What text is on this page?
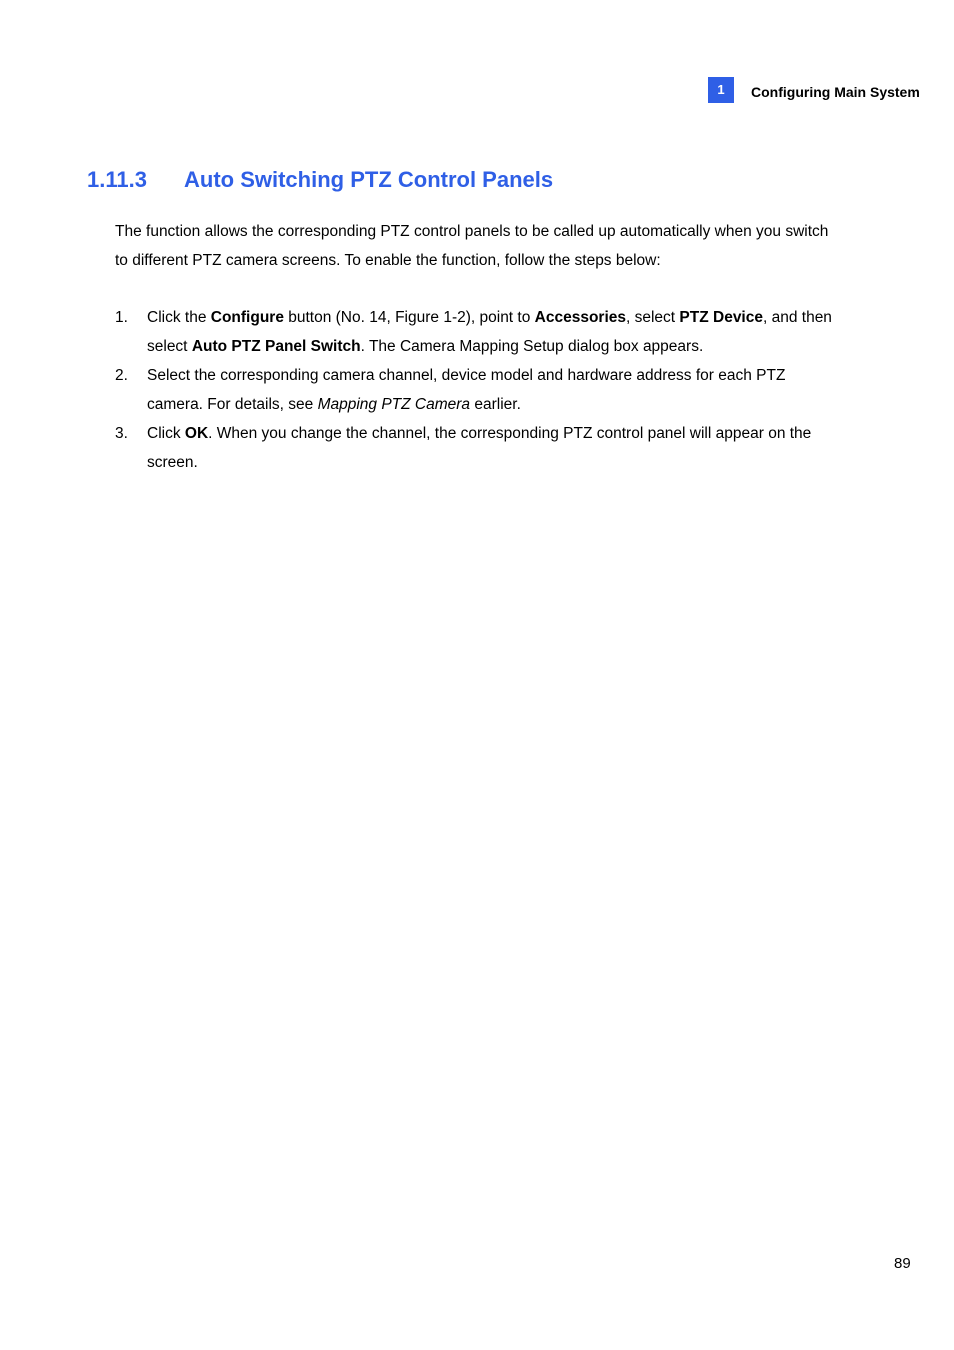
1	Configuring Main System
1.11.3 Auto Switching PTZ Control Panels

The function allows the corresponding PTZ control panels to be called up automatically when you switch to different PTZ camera screens. To enable the function, follow the steps below:

1. Click the Configure button (No. 14, Figure 1-2), point to Accessories, select PTZ Device, and then select Auto PTZ Panel Switch. The Camera Mapping Setup dialog box appears.
2. Select the corresponding camera channel, device model and hardware address for each PTZ camera. For details, see Mapping PTZ Camera earlier.
3. Click OK. When you change the channel, the corresponding PTZ control panel will appear on the screen.
89
